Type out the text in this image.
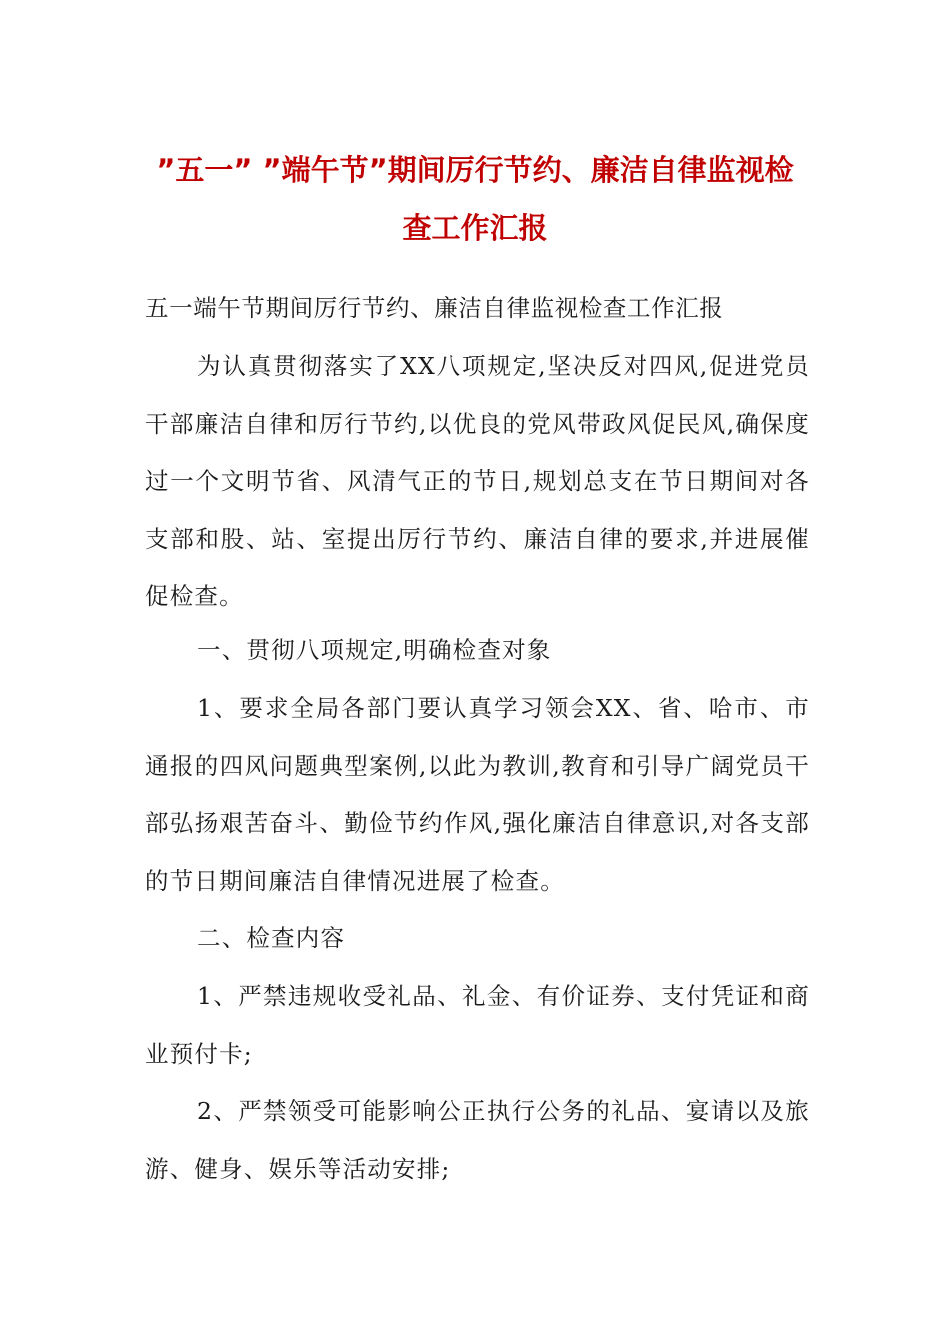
”五一” ”端午节”期间厉行节约、廉洁自律监视检
查工作汇报

五一端午节期间厉行节约、廉洁自律监视检查工作汇报

为认真贯彻落实了XX八项规定,坚决反对四风,促进党员干部廉洁自律和厉行节约,以优良的党风带政风促民风,确保度过一个文明节省、风清气正的节日,规划总支在节日期间对各支部和股、站、室提出厉行节约、廉洁自律的要求,并进展催促检查。

一、贯彻八项规定,明确检查对象

1、要求全局各部门要认真学习领会XX、省、哈市、市通报的四风问题典型案例,以此为教训,教育和引导广阔党员干部弘扬艰苦奋斗、勤俭节约作风,强化廉洁自律意识,对各支部的节日期间廉洁自律情况进展了检查。

二、检查内容

1、严禁违规收受礼品、礼金、有价证券、支付凭证和商业预付卡;

2、严禁领受可能影响公正执行公务的礼品、宴请以及旅游、健身、娱乐等活动安排;
